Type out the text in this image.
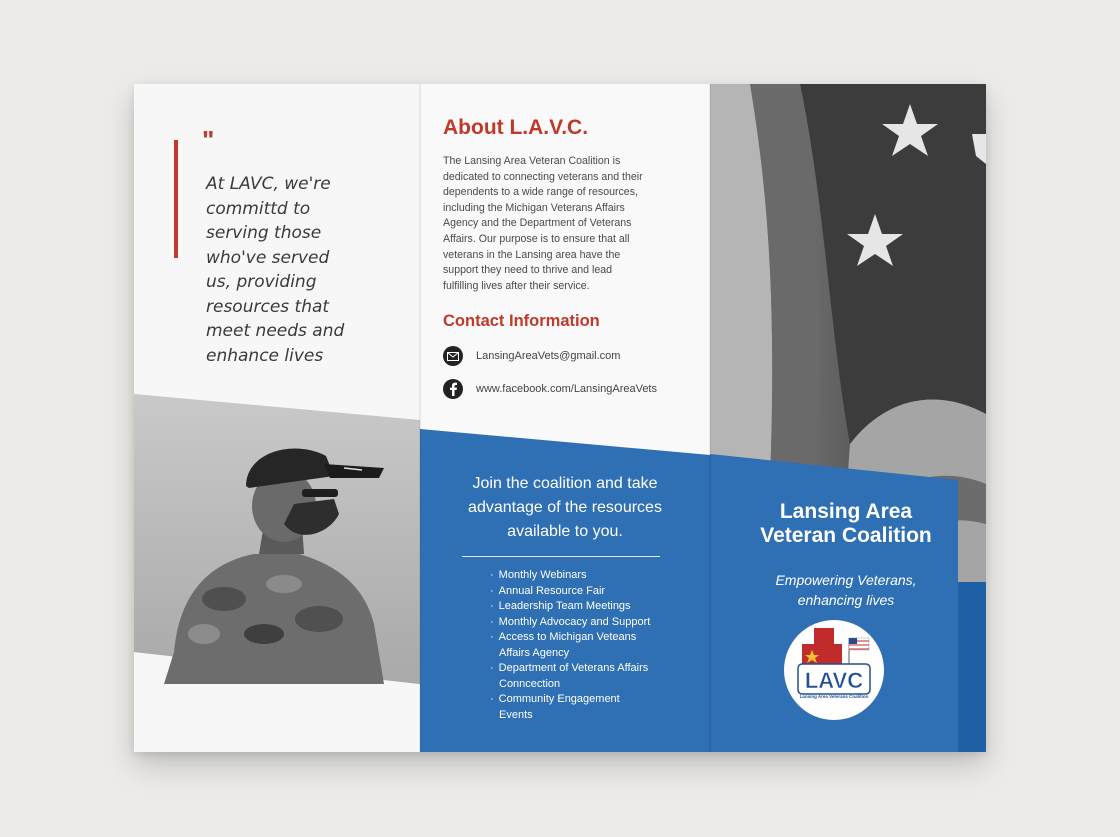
"
At LAVC, we're
committd to
serving those
who've served
us, providing
resources that
meet needs and
enhance lives
About L.A.V.C.
The Lansing Area Veteran Coalition is
dedicated to connecting veterans and their
dependents to a wide range of resources,
including the Michigan Veterans Affairs
Agency and the Department of Veterans
Affairs. Our purpose is to ensure that all
veterans in the Lansing area have the
support they need to thrive and lead
fulfilling lives after their service.
Contact Information
LansingAreaVets@gmail.com
www.facebook.com/LansingAreaVets
Join the coalition and take
advantage of the resources
available to you.
· Monthly Webinars
· Annual Resource Fair
· Leadership Team Meetings
· Monthly Advocacy and Support
· Access to Michigan Veteans
Affairs Agency
· Department of Veterans Affairs
Conncection
· Community Engagement
Events
Lansing Area
Veteran Coalition
Empowering Veterans,
enhancing lives
LAVC
Lansing Area Veterans Coalition
